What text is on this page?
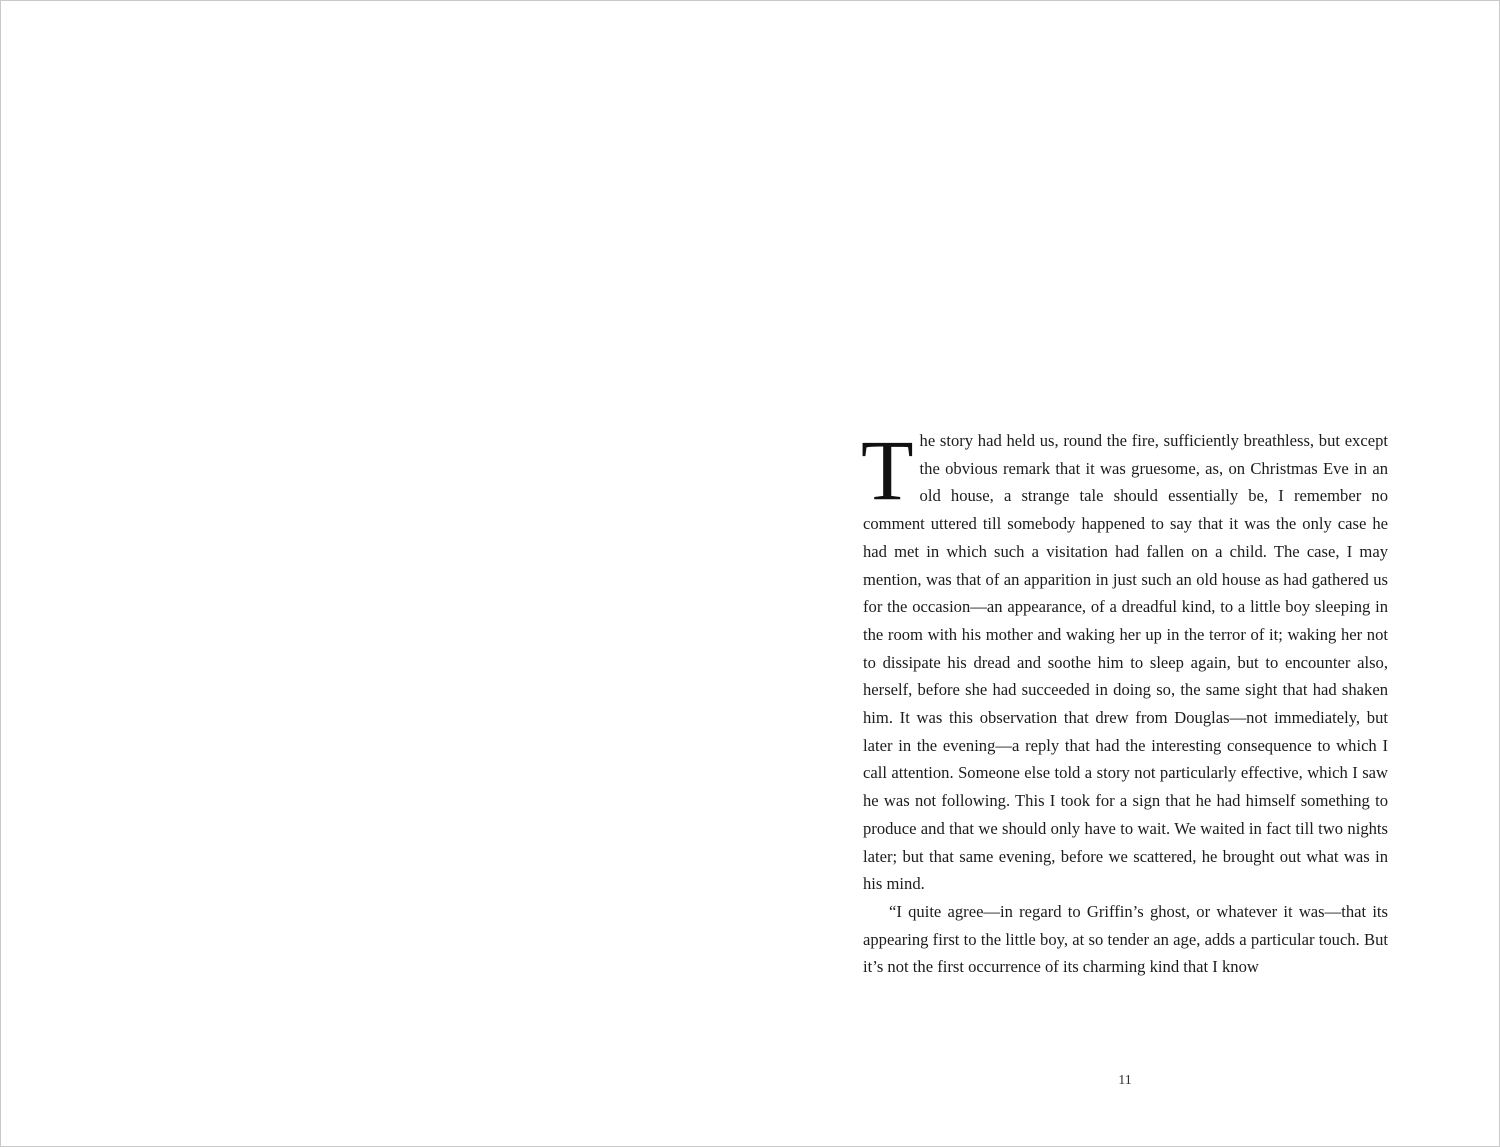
The story had held us, round the fire, sufficiently breathless, but except the obvious remark that it was gruesome, as, on Christmas Eve in an old house, a strange tale should essentially be, I remember no comment uttered till somebody happened to say that it was the only case he had met in which such a visitation had fallen on a child. The case, I may mention, was that of an apparition in just such an old house as had gathered us for the occasion—an appearance, of a dreadful kind, to a little boy sleeping in the room with his mother and waking her up in the terror of it; waking her not to dissipate his dread and soothe him to sleep again, but to encounter also, herself, before she had succeeded in doing so, the same sight that had shaken him. It was this observation that drew from Douglas—not immediately, but later in the evening—a reply that had the interesting consequence to which I call attention. Someone else told a story not particularly effective, which I saw he was not following. This I took for a sign that he had himself something to produce and that we should only have to wait. We waited in fact till two nights later; but that same evening, before we scattered, he brought out what was in his mind.

“I quite agree—in regard to Griffin’s ghost, or whatever it was—that its appearing first to the little boy, at so tender an age, adds a particular touch. But it’s not the first occurrence of its charming kind that I know

11
